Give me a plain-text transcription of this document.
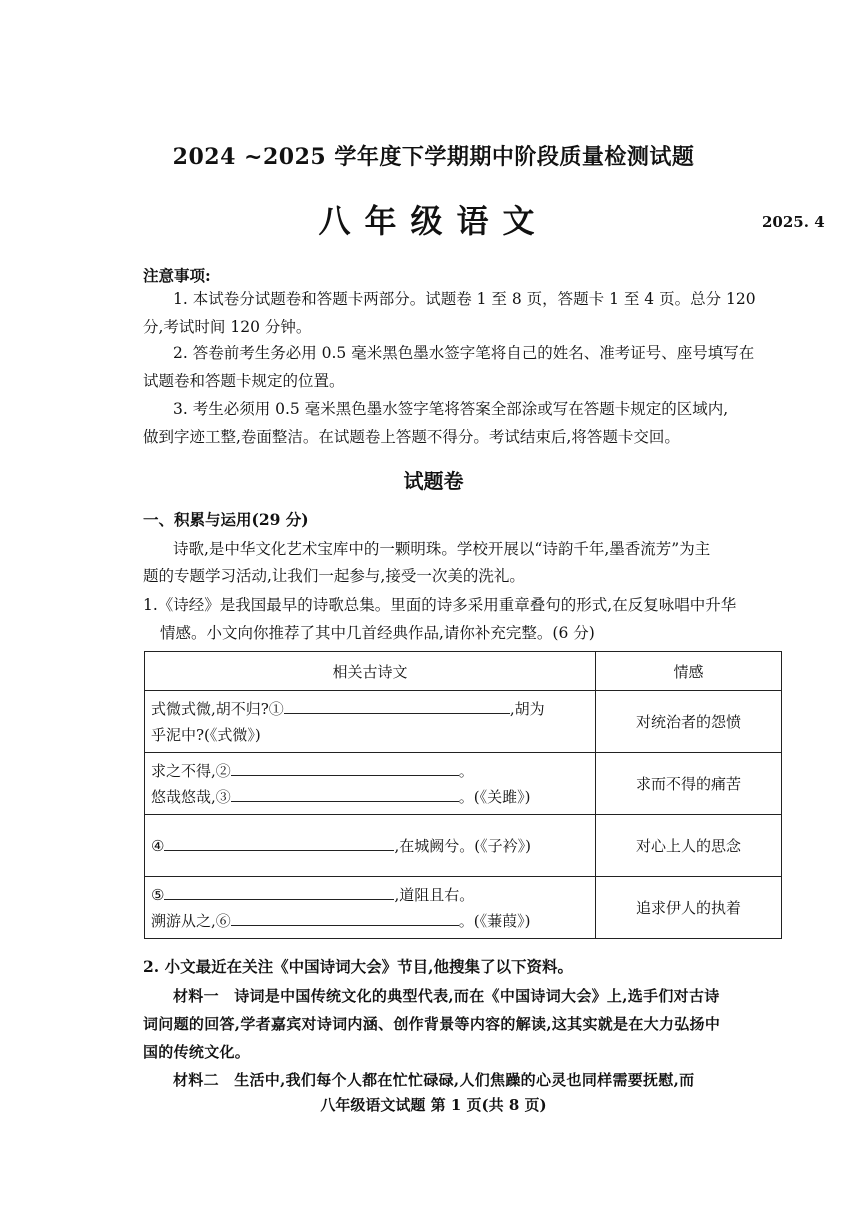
2024 ~2025 学年度下学期期中阶段质量检测试题
八年级语文	2025. 4
注意事项:
1. 本试卷分试题卷和答题卡两部分。试题卷 1 至 8 页，答题卡 1 至 4 页。总分 120
分,考试时间 120 分钟。
2. 答卷前考生务必用 0.5 毫米黑色墨水签字笔将自己的姓名、准考证号、座号填写在
试题卷和答题卡规定的位置。
3. 考生必须用 0.5 毫米黑色墨水签字笔将答案全部涂或写在答题卡规定的区域内,
做到字迹工整,卷面整洁。在试题卷上答题不得分。考试结束后,将答题卡交回。
试题卷
一、积累与运用(29 分)
诗歌,是中华文化艺术宝库中的一颗明珠。学校开展以“诗韵千年,墨香流芳”为主
题的专题学习活动,让我们一起参与,接受一次美的洗礼。
1.《诗经》是我国最早的诗歌总集。里面的诗多采用重章叠句的形式,在反复咏唱中升华
情感。小文向你推荐了其中几首经典作品,请你补充完整。(6 分)
相关古诗文	情感
式微式微,胡不归?① ,胡为
乎泥中?(《式微》)	对统治者的怨愤
求之不得,② 。
悠哉悠哉,③ 。(《关雎》)	求而不得的痛苦
④ ,在城阙兮。(《子衿》)	对心上人的思念
⑤ ,道阻且右。
溯游从之,⑥ 。(《蒹葭》)	追求伊人的执着
2. 小文最近在关注《中国诗词大会》节目,他搜集了以下资料。
材料一　诗词是中国传统文化的典型代表,而在《中国诗词大会》上,选手们对古诗
词问题的回答,学者嘉宾对诗词内涵、创作背景等内容的解读,这其实就是在大力弘扬中
国的传统文化。
材料二　生活中,我们每个人都在忙忙碌碌,人们焦躁的心灵也同样需要抚慰,而
八年级语文试题 第 1 页(共 8 页)
